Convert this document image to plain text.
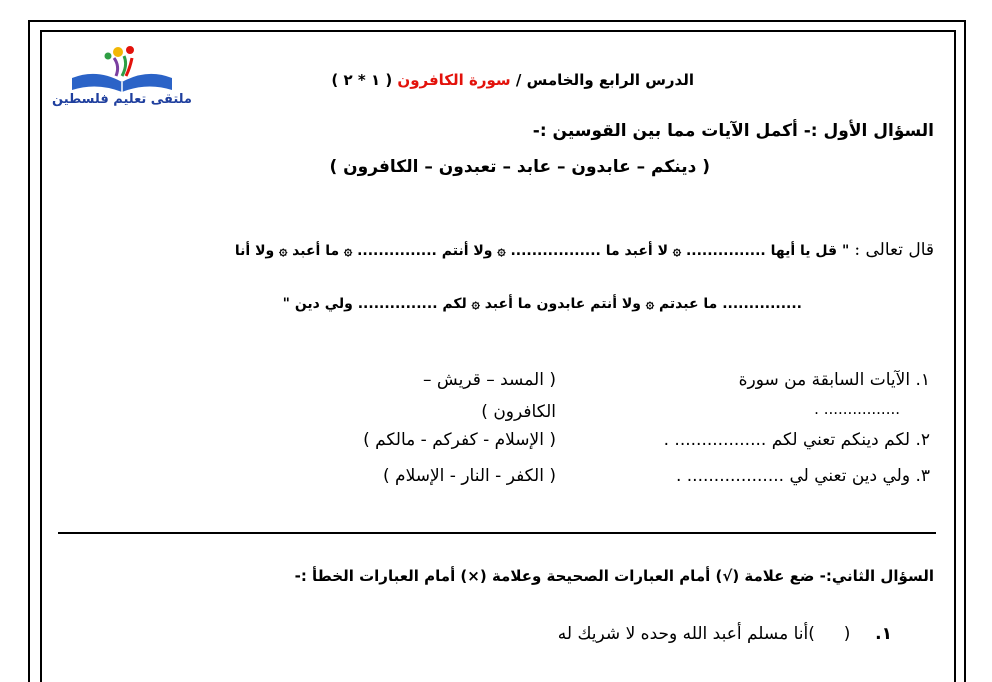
ملتقى تعليم فلسطين
الدرس الرابع والخامس / سورة الكافرون ( ١ * ٢ )
السؤال الأول :- أكمل الآيات مما بين القوسين :-
( دينكم – عابدون – عابد – تعبدون – الكافرون )
قال تعالى : " قل يا أيها ............... ۞ لا أعبد ما ................. ۞ ولا أنتم ............... ۞ ما أعبد ۞ ولا أنا
............... ما عبدتم ۞ ولا أنتم عابدون ما أعبد ۞ لكم ............... ولي دين "
١. الآيات السابقة من سورة
................ .
( المسد – قريش –
الكافرون )
٢. لكم دينكم تعني لكم ................. .
( الإسلام - كفركم - مالكم )
٣. ولي دين تعني لي .................. .
( الكفر - النار - الإسلام )
السؤال الثاني:- ضع علامة (√) أمام العبارات الصحيحة وعلامة (×) أمام العبارات الخطأ :-
١.  (  )أنا مسلم أعبد الله وحده لا شريك له
